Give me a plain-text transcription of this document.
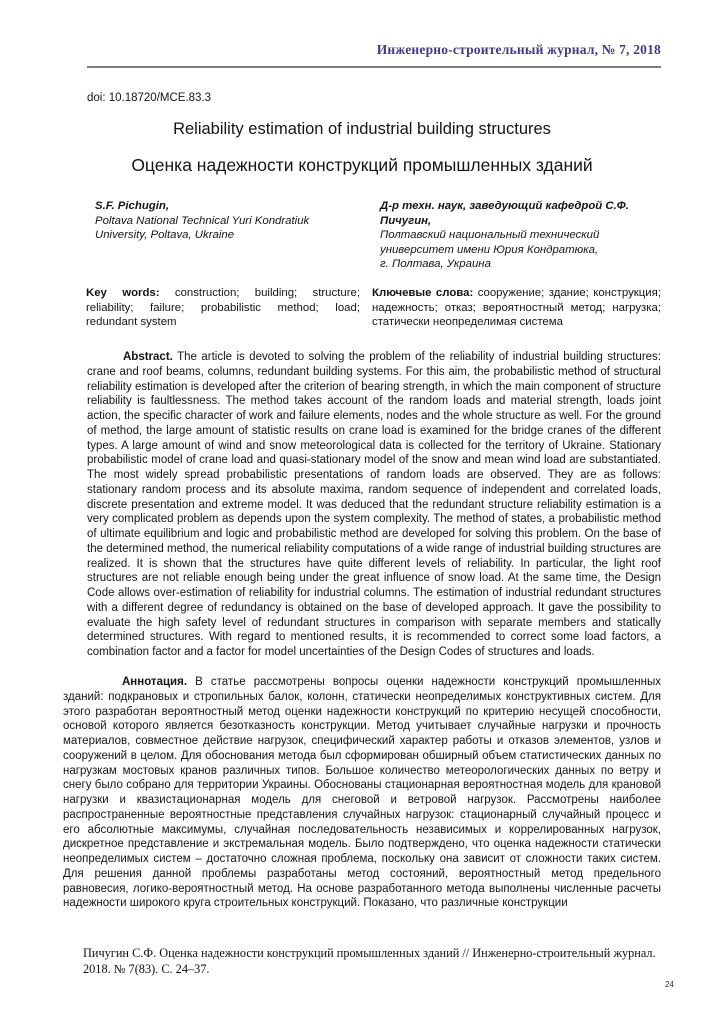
Инженерно-строительный журнал, № 7, 2018
doi: 10.18720/MCE.83.3
Reliability estimation of industrial building structures
Оценка надежности конструкций промышленных зданий
S.F. Pichugin,
Poltava National Technical Yuri Kondratiuk University, Poltava, Ukraine
Д-р техн. наук, заведующий кафедрой С.Ф. Пичугин,
Полтавский национальный технический университет имени Юрия Кондратюка,
г. Полтава, Украина

Key words: construction; building; structure; reliability; failure; probabilistic method; load; redundant system

Ключевые слова: сооружение; здание; конструкция; надежность; отказ; вероятностный метод; нагрузка; статически неопределимая система

Abstract. The article is devoted to solving the problem of the reliability of industrial building structures: crane and roof beams, columns, redundant building systems. For this aim, the probabilistic method of structural reliability estimation is developed after the criterion of bearing strength, in which the main component of structure reliability is faultlessness. The method takes account of the random loads and material strength, loads joint action, the specific character of work and failure elements, nodes and the whole structure as well. For the ground of method, the large amount of statistic results on crane load is examined for the bridge cranes of the different types. A large amount of wind and snow meteorological data is collected for the territory of Ukraine. Stationary probabilistic model of crane load and quasi-stationary model of the snow and mean wind load are substantiated. The most widely spread probabilistic presentations of random loads are observed. They are as follows: stationary random process and its absolute maxima, random sequence of independent and correlated loads, discrete presentation and extreme model. It was deduced that the redundant structure reliability estimation is a very complicated problem as depends upon the system complexity. The method of states, a probabilistic method of ultimate equilibrium and logic and probabilistic method are developed for solving this problem. On the base of the determined method, the numerical reliability computations of a wide range of industrial building structures are realized. It is shown that the structures have quite different levels of reliability. In particular, the light roof structures are not reliable enough being under the great influence of snow load. At the same time, the Design Code allows over-estimation of reliability for industrial columns. The estimation of industrial redundant structures with a different degree of redundancy is obtained on the base of developed approach. It gave the possibility to evaluate the high safety level of redundant structures in comparison with separate members and statically determined structures. With regard to mentioned results, it is recommended to correct some load factors, a combination factor and a factor for model uncertainties of the Design Codes of structures and loads.

Аннотация. В статье рассмотрены вопросы оценки надежности конструкций промышленных зданий: подкрановых и стропильных балок, колонн, статически неопределимых конструктивных систем. Для этого разработан вероятностный метод оценки надежности конструкций по критерию несущей способности, основой которого является безотказность конструкции. Метод учитывает случайные нагрузки и прочность материалов, совместное действие нагрузок, специфический характер работы и отказов элементов, узлов и сооружений в целом. Для обоснования метода был сформирован обширный объем статистических данных по нагрузкам мостовых кранов различных типов. Большое количество метеорологических данных по ветру и снегу было собрано для территории Украины. Обоснованы стационарная вероятностная модель для крановой нагрузки и квазистационарная модель для снеговой и ветровой нагрузок. Рассмотрены наиболее распространенные вероятностные представления случайных нагрузок: стационарный случайный процесс и его абсолютные максимумы, случайная последовательность независимых и коррелированных нагрузок, дискретное представление и экстремальная модель. Было подтверждено, что оценка надежности статически неопределимых систем – достаточно сложная проблема, поскольку она зависит от сложности таких систем. Для решения данной проблемы разработаны метод состояний, вероятностный метод предельного равновесия, логико-вероятностный метод. На основе разработанного метода выполнены численные расчеты надежности широкого круга строительных конструкций. Показано, что различные конструкции

Пичугин С.Ф. Оценка надежности конструкций промышленных зданий // Инженерно-строительный журнал. 2018. № 7(83). С. 24–37.
24
